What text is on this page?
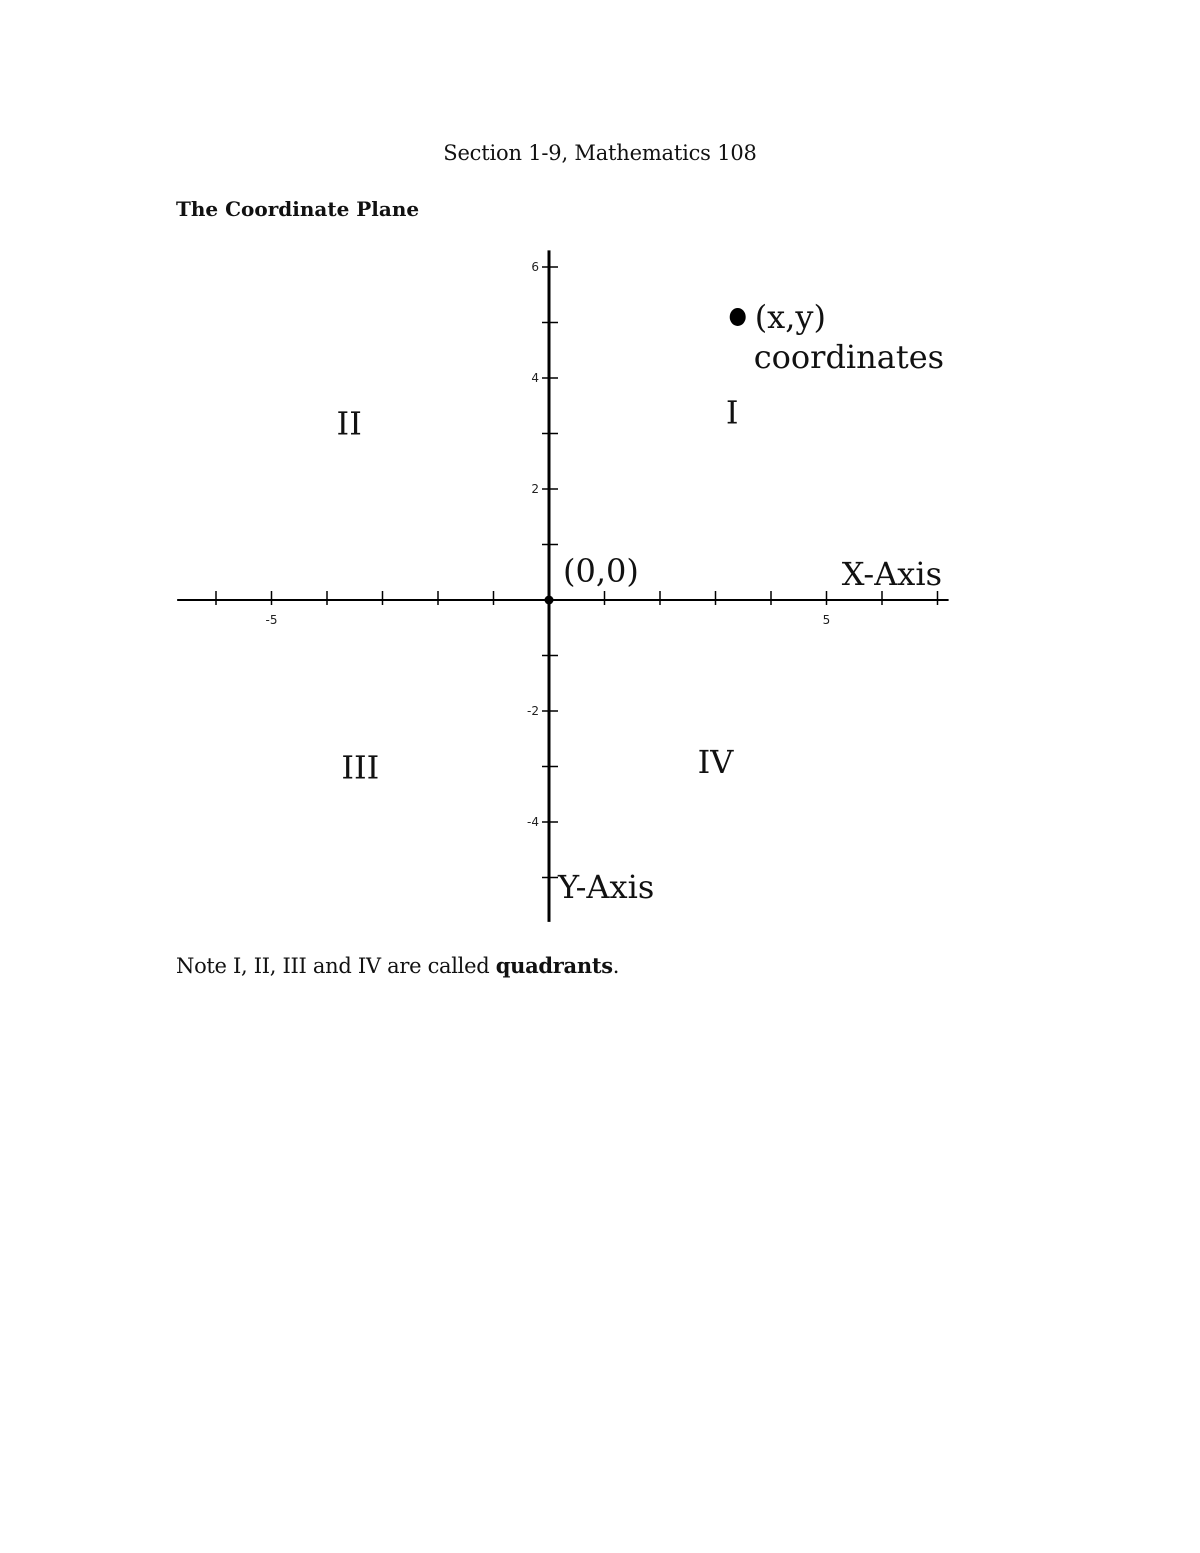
Section 1-9, Mathematics 108
The Coordinate Plane
-5	5
6
4
2
-2
-4
(0,0)	X-Axis
Y-Axis
(x,y)
coordinates
I
II
III	IV
Note I, II, III and IV are called quadrants.
